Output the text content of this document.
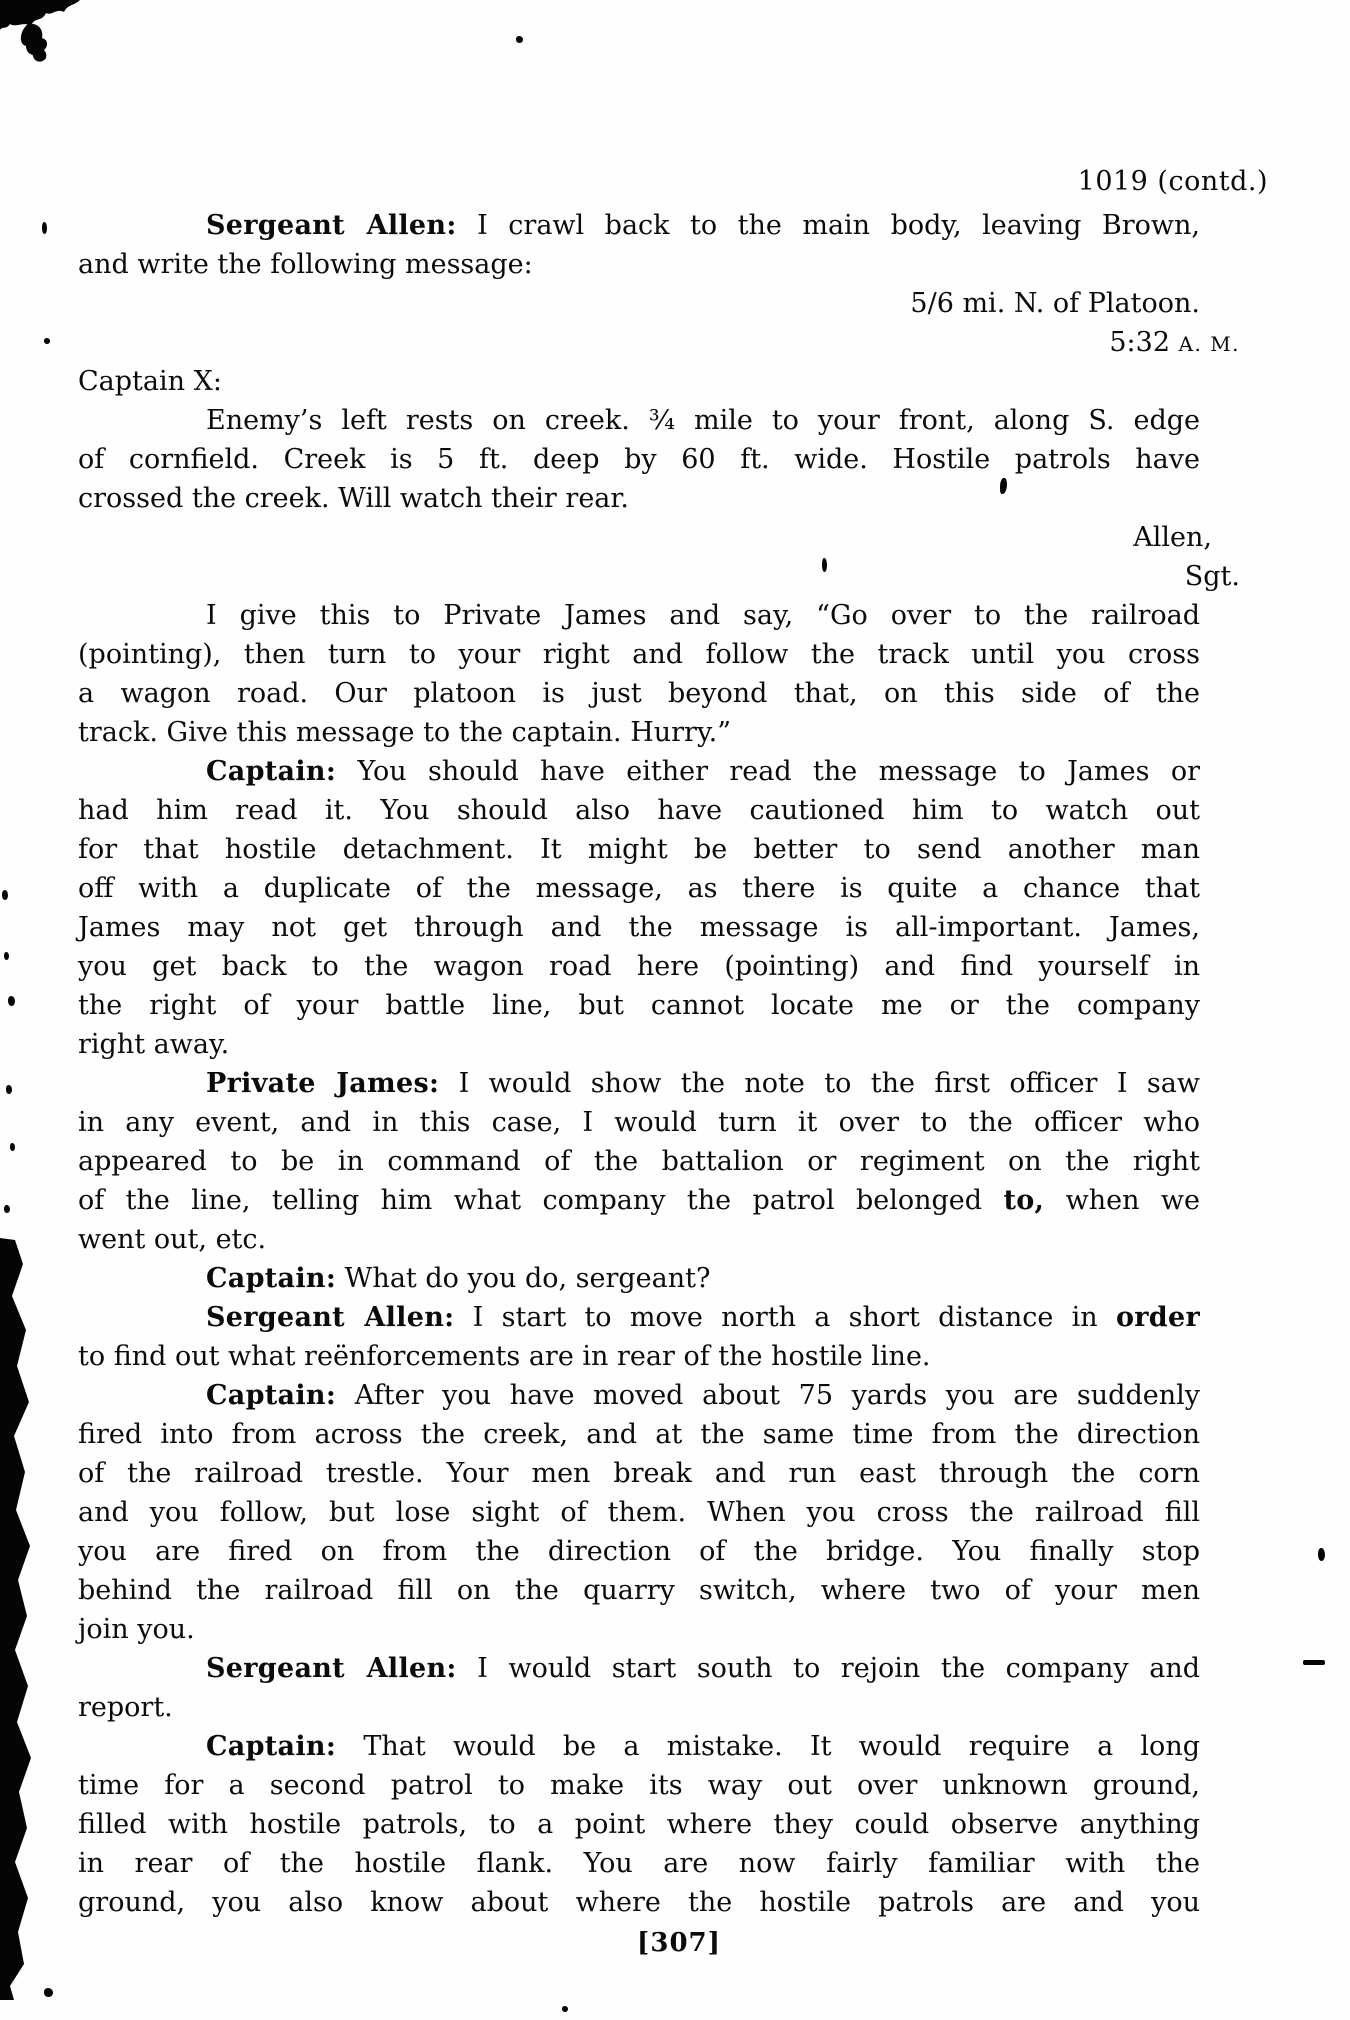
1019 (contd.)
Sergeant Allen: I crawl back to the main body, leaving Brown,
and write the following message:
5/6 mi. N. of Platoon.
5:32 A. M.
Captain X:
Enemy’s left rests on creek. ¾ mile to your front, along S. edge
of cornfield. Creek is 5 ft. deep by 60 ft. wide. Hostile patrols have
crossed the creek. Will watch their rear.
Allen,
Sgt.
I give this to Private James and say, “Go over to the railroad
(pointing), then turn to your right and follow the track until you cross
a wagon road. Our platoon is just beyond that, on this side of the
track. Give this message to the captain. Hurry.”
Captain: You should have either read the message to James or
had him read it. You should also have cautioned him to watch out
for that hostile detachment. It might be better to send another man
off with a duplicate of the message, as there is quite a chance that
James may not get through and the message is all-important. James,
you get back to the wagon road here (pointing) and find yourself in
the right of your battle line, but cannot locate me or the company
right away.
Private James: I would show the note to the first officer I saw
in any event, and in this case, I would turn it over to the officer who
appeared to be in command of the battalion or regiment on the right
of the line, telling him what company the patrol belonged to, when we
went out, etc.
Captain: What do you do, sergeant?
Sergeant Allen: I start to move north a short distance in order
to find out what reënforcements are in rear of the hostile line.
Captain: After you have moved about 75 yards you are suddenly
fired into from across the creek, and at the same time from the direction
of the railroad trestle. Your men break and run east through the corn
and you follow, but lose sight of them. When you cross the railroad fill
you are fired on from the direction of the bridge. You finally stop
behind the railroad fill on the quarry switch, where two of your men
join you.
Sergeant Allen: I would start south to rejoin the company and
report.
Captain: That would be a mistake. It would require a long
time for a second patrol to make its way out over unknown ground,
filled with hostile patrols, to a point where they could observe anything
in rear of the hostile flank. You are now fairly familiar with the
ground, you also know about where the hostile patrols are and you
[307]
